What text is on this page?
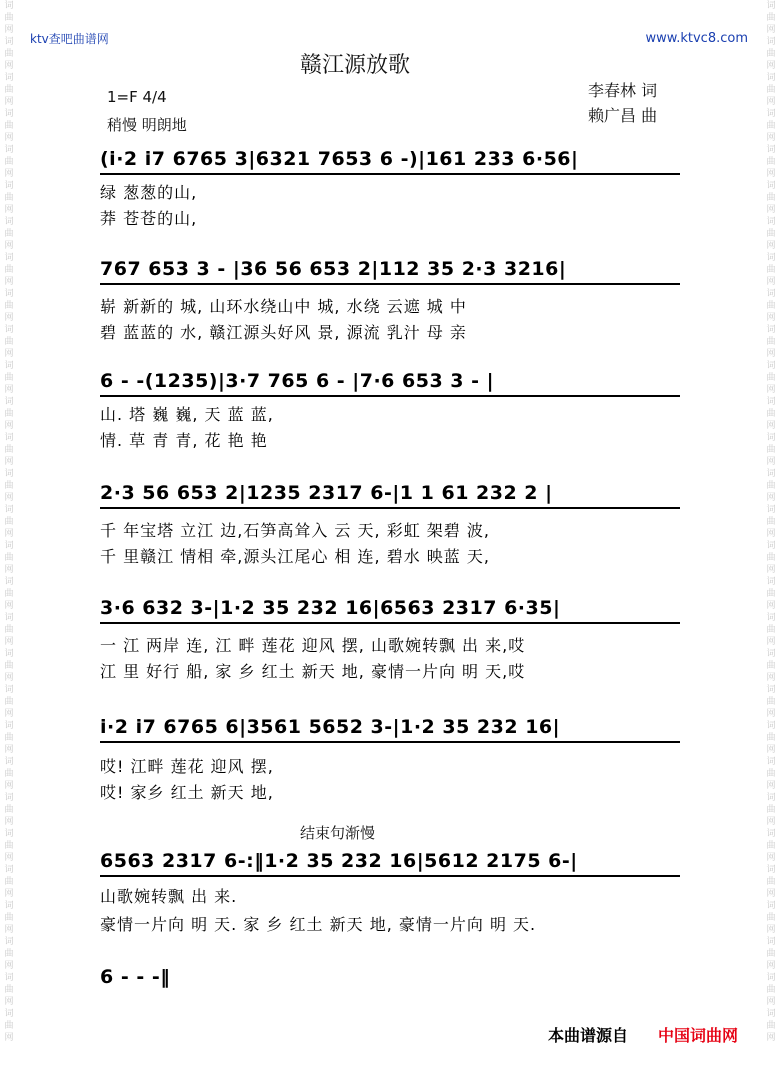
词
曲
网
词
曲
网
词
曲
网
词
曲
网
词
曲
网
词
曲
网
词
曲
网
词
曲
网
词
曲
网
词
曲
网
词
曲
网
词
曲
网
词
曲
网
词
曲
网
词
曲
网
词
曲
网
词
曲
网
词
曲
网
词
曲
网
词
曲
网
词
曲
网
词
曲
网
词
曲
网
词
曲
网
词
曲
网
词
曲
网
词
曲
网
词
曲
网
词
曲
网
词
曲
网
词
曲
网
词
曲
网
词
曲
网
词
曲
网
词
曲
网
词
曲
网
词
曲
网
词
曲
网
词
曲
网
词
曲
网
词
曲
网
词
曲
网
词
曲
网
词
曲
网
词
曲
网
词
曲
网
词
曲
网
词
曲
网
词
曲
网
词
曲
网
词
曲
网
词
曲
网
词
曲
网
词
曲
网
词
曲
网
词
曲
网
词
曲
网
词
曲
网
ktv查吧曲谱网	www.ktvc8.com
赣江源放歌
李春林 词
赖广昌 曲
1=F 4/4
稍慢 明朗地
(i·2 i7 6765 3|6321 7653 6 -)|161 233 6·56|
绿 葱葱的山,
莽 苍苍的山,
767 653 3 - |36 56 653 2|112 35 2·3 3216|
崭 新新的 城, 山环水绕山中 城, 水绕 云遮 城 中
碧 蓝蓝的 水, 赣江源头好风 景, 源流 乳汁 母 亲
6 - -(1235)|3·7 765 6 - |7·6 653 3 - |
山. 塔 巍 巍, 天 蓝 蓝,
情. 草 青 青, 花 艳 艳
2·3 56 653 2|1235 2317 6-|1 1 61 232 2 |
千 年宝塔 立江 边,石笋高耸入 云 天, 彩虹 架碧 波,
千 里赣江 情相 牵,源头江尾心 相 连, 碧水 映蓝 天,
3·6 632 3-|1·2 35 232 16|6563 2317 6·35|
一 江 两岸 连, 江 畔 莲花 迎风 摆, 山歌婉转飘 出 来,哎
江 里 好行 船, 家 乡 红土 新天 地, 豪情一片向 明 天,哎
i·2 i7 6765 6|3561 5652 3-|1·2 35 232 16|
哎! 江畔 莲花 迎风 摆,
哎! 家乡 红土 新天 地,
结束句渐慢
6563 2317 6-:‖1·2 35 232 16|5612 2175 6-|
山歌婉转飘 出 来.
豪情一片向 明 天. 家 乡 红土 新天 地, 豪情一片向 明 天.
6 - - -‖
本曲谱源自 中国词曲网
